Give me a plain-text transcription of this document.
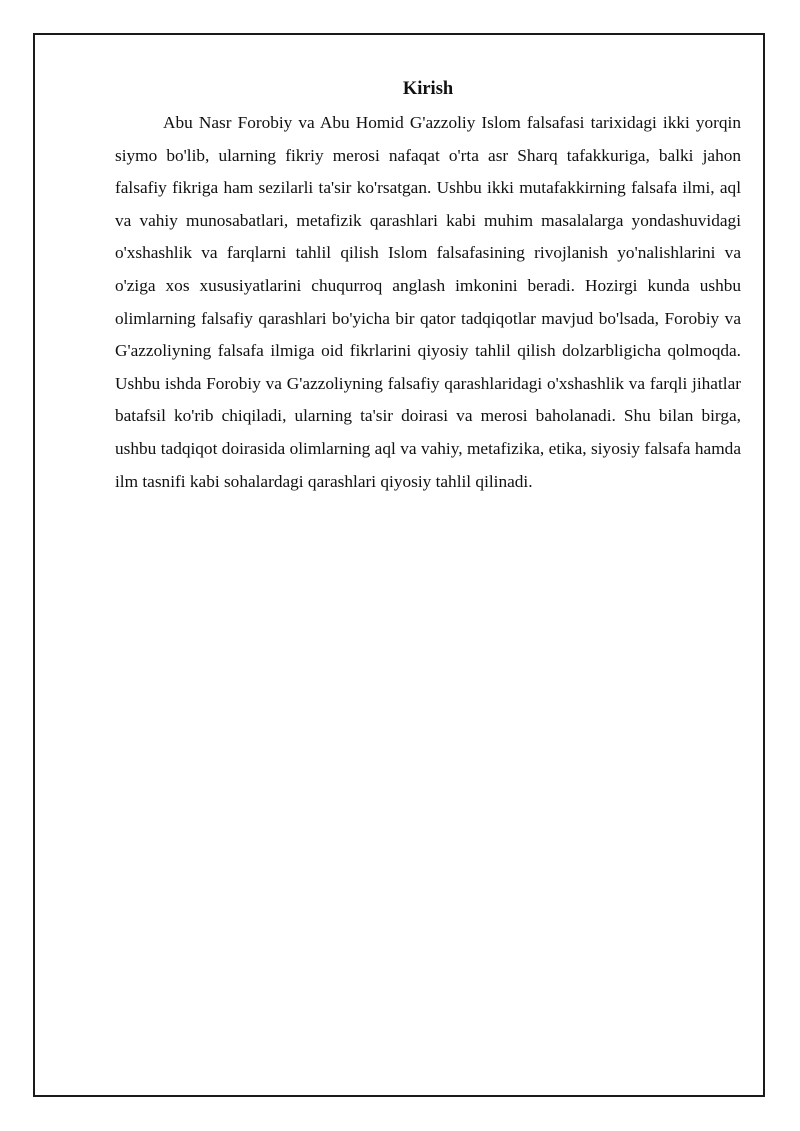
Kirish

Abu Nasr Forobiy va Abu Homid G'azzoliy Islom falsafasi tarixidagi ikki yorqin siymo bo'lib, ularning fikriy merosi nafaqat o'rta asr Sharq tafakkuriga, balki jahon falsafiy fikriga ham sezilarli ta'sir ko'rsatgan. Ushbu ikki mutafakkirning falsafa ilmi, aql va vahiy munosabatlari, metafizik qarashlari kabi muhim masalalarga yondashuvidagi o'xshashlik va farqlarni tahlil qilish Islom falsafasining rivojlanish yo'nalishlarini va o'ziga xos xususiyatlarini chuqurroq anglash imkonini beradi. Hozirgi kunda ushbu olimlarning falsafiy qarashlari bo'yicha bir qator tadqiqotlar mavjud bo'lsada, Forobiy va G'azzoliyning falsafa ilmiga oid fikrlarini qiyosiy tahlil qilish dolzarbligicha qolmoqda. Ushbu ishda Forobiy va G'azzoliyning falsafiy qarashlaridagi o'xshashlik va farqli jihatlar batafsil ko'rib chiqiladi, ularning ta'sir doirasi va merosi baholanadi. Shu bilan birga, ushbu tadqiqot doirasida olimlarning aql va vahiy, metafizika, etika, siyosiy falsafa hamda ilm tasnifi kabi sohalardagi qarashlari qiyosiy tahlil qilinadi.
